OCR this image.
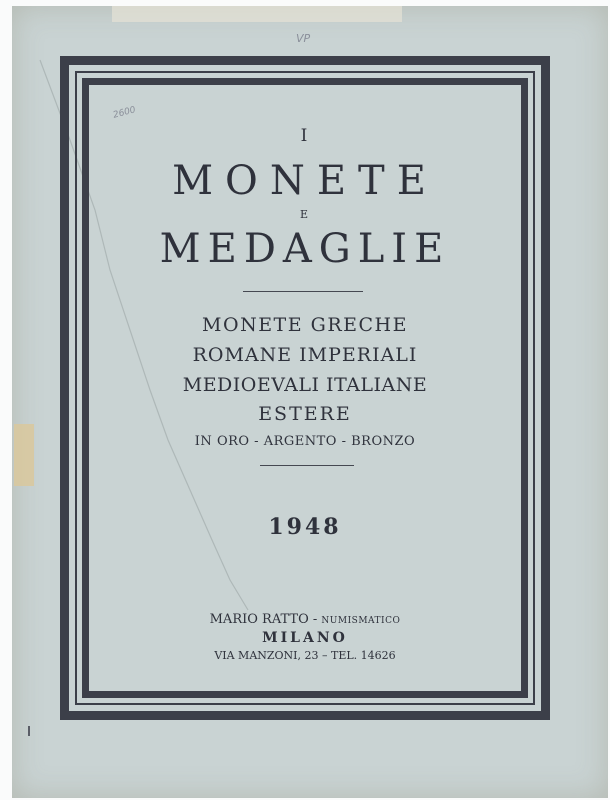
VP
2600
I
MONETE
E
MEDAGLIE
MONETE GRECHE
ROMANE IMPERIALI
MEDIOEVALI ITALIANE
ESTERE
IN ORO - ARGENTO - BRONZO
1948
MARIO RATTO - NUMISMATICO
MILANO
VIA MANZONI, 23 – TEL. 14626
